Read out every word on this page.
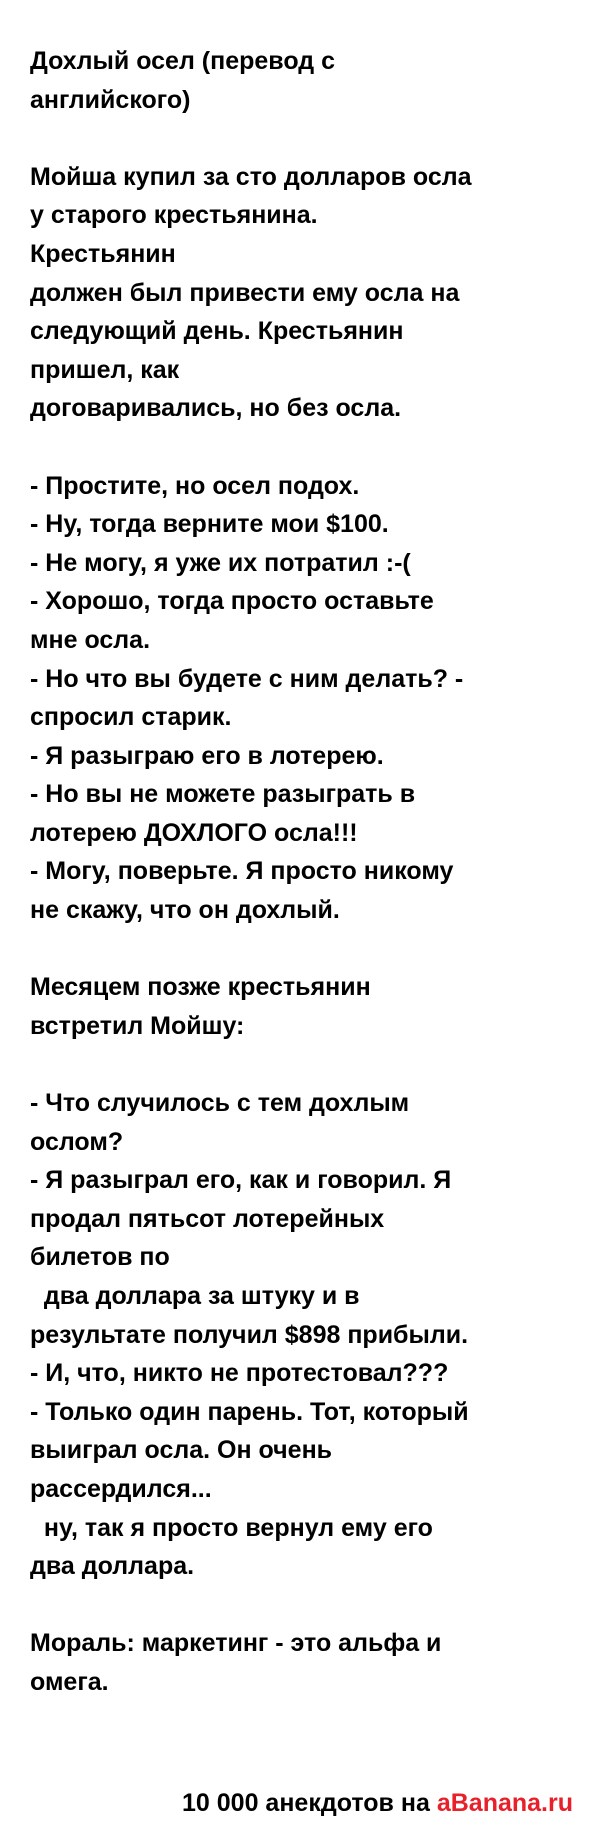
Дохлый осел (перевод с
английского)
Мойша купил за сто долларов осла
у старого крестьянина.
Крестьянин
должен был привести ему осла на
следующий день. Крестьянин
пришел, как
договаривались, но без осла.
- Простите, но осел подох.
- Ну, тогда верните мои $100.
- Не могу, я уже их потратил :-(
- Хорошо, тогда просто оставьте
мне осла.
- Но что вы будете с ним делать? -
спросил старик.
- Я разыграю его в лотерею.
- Но вы не можете разыграть в
лотерею ДОХЛОГО осла!!!
- Могу, поверьте. Я просто никому
не скажу, что он дохлый.
Месяцем позже крестьянин
встретил Мойшу:
- Что случилось с тем дохлым
ослом?
- Я разыграл его, как и говорил. Я
продал пятьсот лотерейных
билетов по
два доллара за штуку и в
результате получил $898 прибыли.
- И, что, никто не протестовал???
- Только один парень. Тот, который
выиграл осла. Он очень
рассердился...
ну, так я просто вернул ему его
два доллара.
Мораль: маркетинг - это альфа и
омега.
10 000 анекдотов на aBanana.ru
